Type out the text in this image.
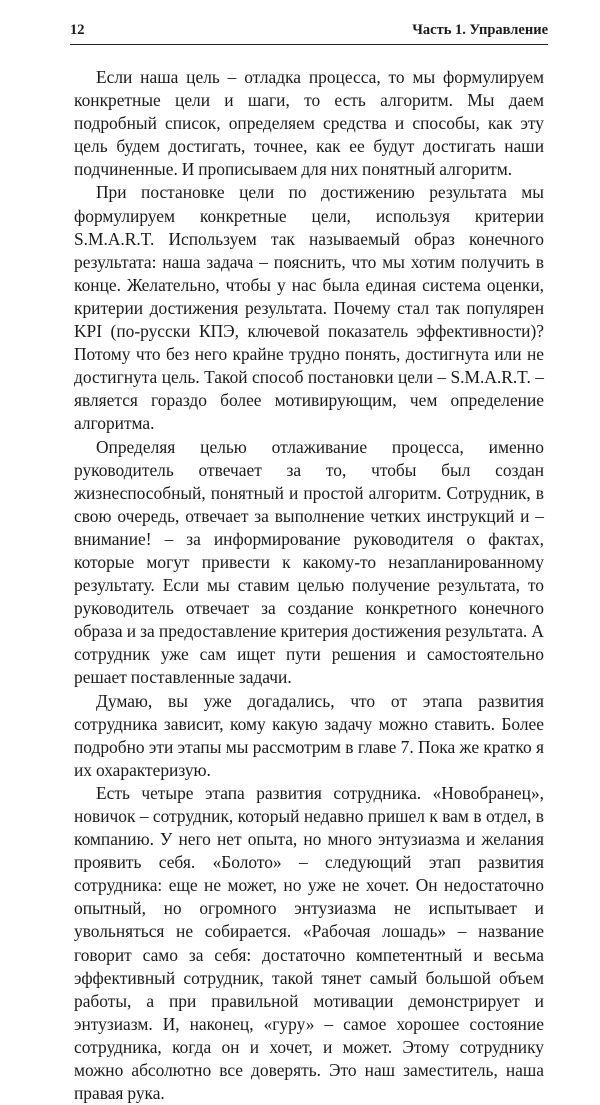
12	Часть 1. Управление

Если наша цель – отладка процесса, то мы формулируем конкретные цели и шаги, то есть алгоритм. Мы даем подробный список, определяем средства и способы, как эту цель будем достигать, точнее, как ее будут достигать наши подчиненные. И прописываем для них понятный алгоритм.

При постановке цели по достижению результата мы формулируем конкретные цели, используя критерии S.M.A.R.T. Используем так называемый образ конечного результата: наша задача – пояснить, что мы хотим получить в конце. Желательно, чтобы у нас была единая система оценки, критерии достижения результата. Почему стал так популярен KPI (по-русски КПЭ, ключевой показатель эффективности)? Потому что без него крайне трудно понять, достигнута или не достигнута цель. Такой способ постановки цели – S.M.A.R.T. – является гораздо более мотивирующим, чем определение алгоритма.

Определяя целью отлаживание процесса, именно руководитель отвечает за то, чтобы был создан жизнеспособный, понятный и простой алгоритм. Сотрудник, в свою очередь, отвечает за выполнение четких инструкций и – внимание! – за информирование руководителя о фактах, которые могут привести к какому-то незапланированному результату. Если мы ставим целью получение результата, то руководитель отвечает за создание конкретного конечного образа и за предоставление критерия достижения результата. А сотрудник уже сам ищет пути решения и самостоятельно решает поставленные задачи.

Думаю, вы уже догадались, что от этапа развития сотрудника зависит, кому какую задачу можно ставить. Более подробно эти этапы мы рассмотрим в главе 7. Пока же кратко я их охарактеризую.

Есть четыре этапа развития сотрудника. «Новобранец», новичок – сотрудник, который недавно пришел к вам в отдел, в компанию. У него нет опыта, но много энтузиазма и желания проявить себя. «Болото» – следующий этап развития сотрудника: еще не может, но уже не хочет. Он недостаточно опытный, но огромного энтузиазма не испытывает и увольняться не собирается. «Рабочая лошадь» – название говорит само за себя: достаточно компетентный и весьма эффективный сотрудник, такой тянет самый большой объем работы, а при правильной мотивации демонстрирует и энтузиазм. И, наконец, «гуру» – самое хорошее состояние сотрудника, когда он и хочет, и может. Этому сотруднику можно абсолютно все доверять. Это наш заместитель, наша правая рука.
